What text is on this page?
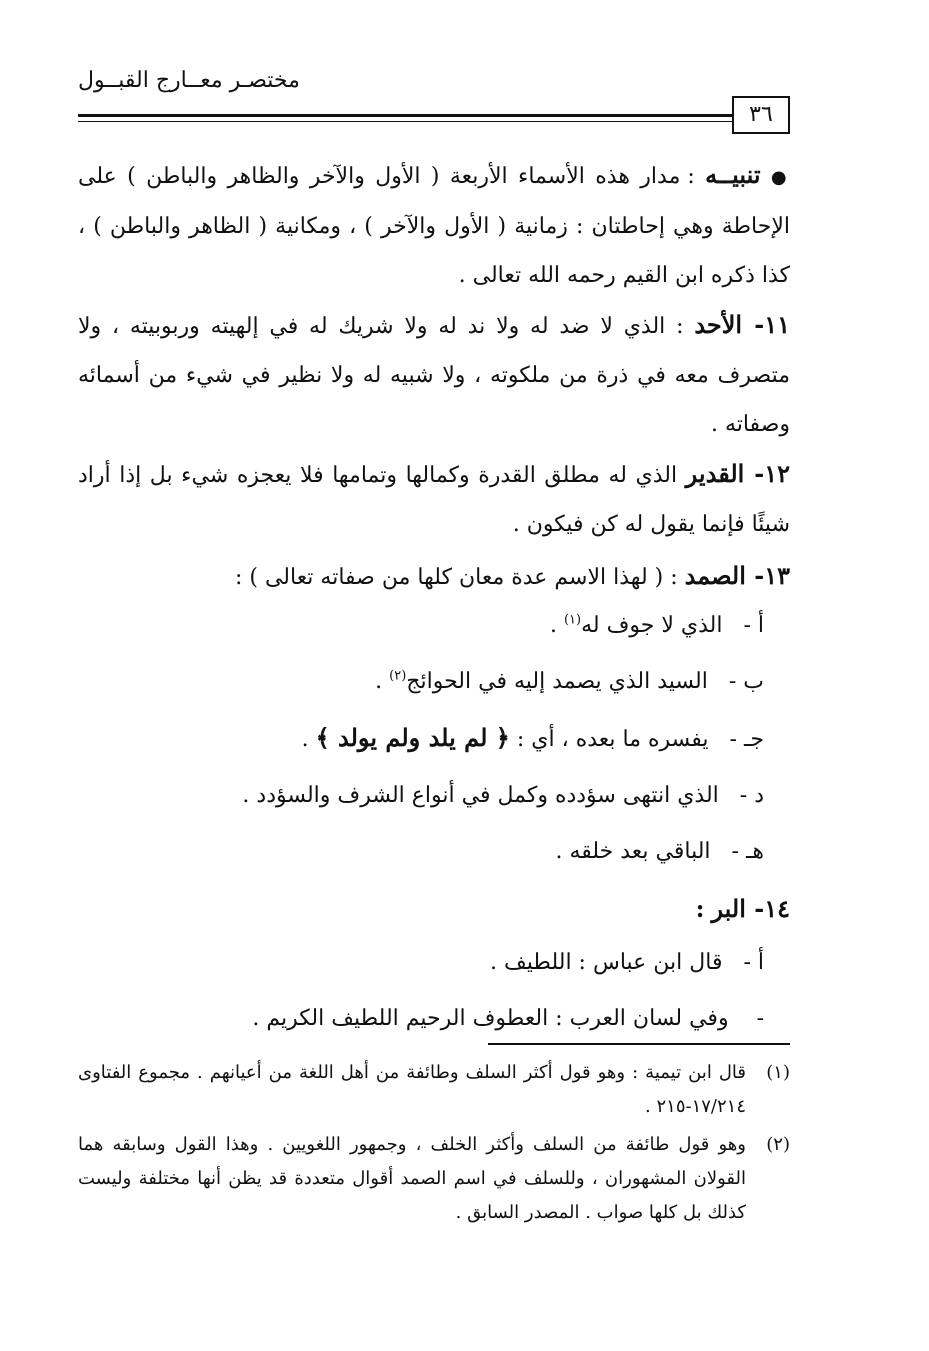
مختصـر معــارج القبــول
٣٦

● تنبيــه : مدار هذه الأسماء الأربعة ( الأول والآخر والظاهر والباطن ) على الإحاطة وهي إحاطتان : زمانية ( الأول والآخر ) ، ومكانية ( الظاهر والباطن ) ، كذا ذكره ابن القيم رحمه الله تعالى .

١١- الأحد : الذي لا ضد له ولا ند له ولا شريك له في إلهيته وربوبيته ، ولا متصرف معه في ذرة من ملكوته ، ولا شبيه له ولا نظير في شيء من أسمائه وصفاته .

١٢- القدير الذي له مطلق القدرة وكمالها وتمامها فلا يعجزه شيء بل إذا أراد شيئًا فإنما يقول له كن فيكون .

١٣- الصمد : ( لهذا الاسم عدة معان كلها من صفاته تعالى ) :

أ -   الذي لا جوف له$^{(١)}$ .

ب -   السيد الذي يصمد إليه في الحوائج$^{(٢)}$ .

جـ -   يفسره ما بعده ، أي : ﴿ لم يلد ولم يولد ﴾ .

د -   الذي انتهى سؤدده وكمل في أنواع الشرف والسؤدد .

هـ -   الباقي بعد خلقه .

١٤- البر :

أ -   قال ابن عباس : اللطيف .

-    وفي لسان العرب : العطوف الرحيم اللطيف الكريم .

(١)
قال ابن تيمية : وهو قول أكثر السلف وطائفة من أهل اللغة من أعيانهم . مجموع الفتاوى ١٧/٢١٤-٢١٥ .
(٢)
وهو قول طائفة من السلف وأكثر الخلف ، وجمهور اللغويين . وهذا القول وسابقه هما القولان المشهوران ، وللسلف في اسم الصمد أقوال متعددة قد يظن أنها مختلفة وليست كذلك بل كلها صواب . المصدر السابق .
